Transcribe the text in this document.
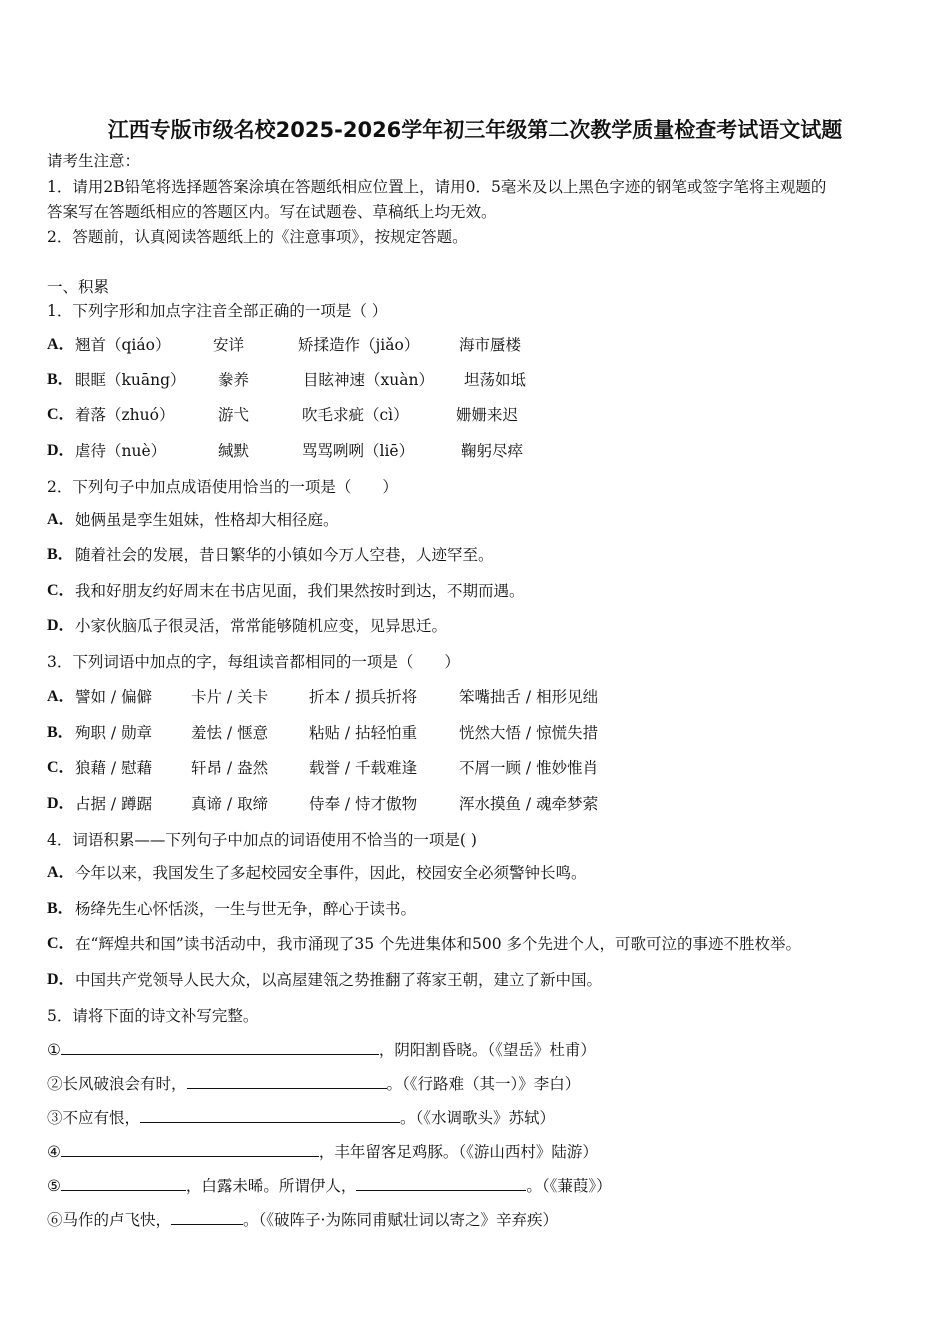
江西专版市级名校2025-2026学年初三年级第二次教学质量检查考试语文试题
请考生注意：
1．请用2B铅笔将选择题答案涂填在答题纸相应位置上，请用0．5毫米及以上黑色字迹的钢笔或签字笔将主观题的
答案写在答题纸相应的答题区内。写在试题卷、草稿纸上均无效。
2．答题前，认真阅读答题纸上的《注意事项》，按规定答题。
一、积累
1．下列字形和加点字注音全部正确的一项是（ ）
A． 翘首（qiáo）	安详	矫揉造作（jiǎo）	海市蜃楼
B． 眼眶（kuāng） 豢养	目眩神速（xuàn） 坦荡如坻
C． 着落（zhuó）	游弋	吹毛求疵（cì）	姗姗来迟
D． 虐待（nuè）	缄默	骂骂咧咧（liē）	鞠躬尽瘁
2．下列句子中加点成语使用恰当的一项是（　　）
A． 她俩虽是孪生姐妹，性格却大相径庭。
B． 随着社会的发展，昔日繁华的小镇如今万人空巷，人迹罕至。
C． 我和好朋友约好周末在书店见面，我们果然按时到达，不期而遇。
D． 小家伙脑瓜子很灵活，常常能够随机应变，见异思迁。
3．下列词语中加点的字，每组读音都相同的一项是（　　）
A． 譬如 / 偏僻	卡片 / 关卡	折本 / 损兵折将	笨嘴拙舌 / 相形见绌
B． 殉职 / 勋章	羞怯 / 惬意	粘贴 / 拈轻怕重	恍然大悟 / 惊慌失措
C． 狼藉 / 慰藉	轩昂 / 盎然	载誉 / 千载难逢	不屑一顾 / 惟妙惟肖
D． 占据 / 蹲踞	真谛 / 取缔	侍奉 / 恃才傲物	浑水摸鱼 / 魂牵梦萦
4．词语积累——下列句子中加点的词语使用不恰当的一项是( )
A． 今年以来，我国发生了多起校园安全事件，因此，校园安全必须警钟长鸣。
B． 杨绛先生心怀恬淡，一生与世无争，醉心于读书。
C． 在“辉煌共和国”读书活动中，我市涌现了35 个先进集体和500 多个先进个人，可歌可泣的事迹不胜枚举。
D． 中国共产党领导人民大众，以高屋建瓴之势推翻了蒋家王朝，建立了新中国。
5．请将下面的诗文补写完整。
①	，阴阳割昏晓。（《望岳》杜甫）
②长风破浪会有时，	。（《行路难（其一）》李白）
③不应有恨，	。（《水调歌头》苏轼）
④	，丰年留客足鸡豚。（《游山西村》陆游）
⑤	，白露未晞。所谓伊人，	。（《蒹葭》）
⑥马作的卢飞快，	。（《破阵子·为陈同甫赋壮词以寄之》辛弃疾）
